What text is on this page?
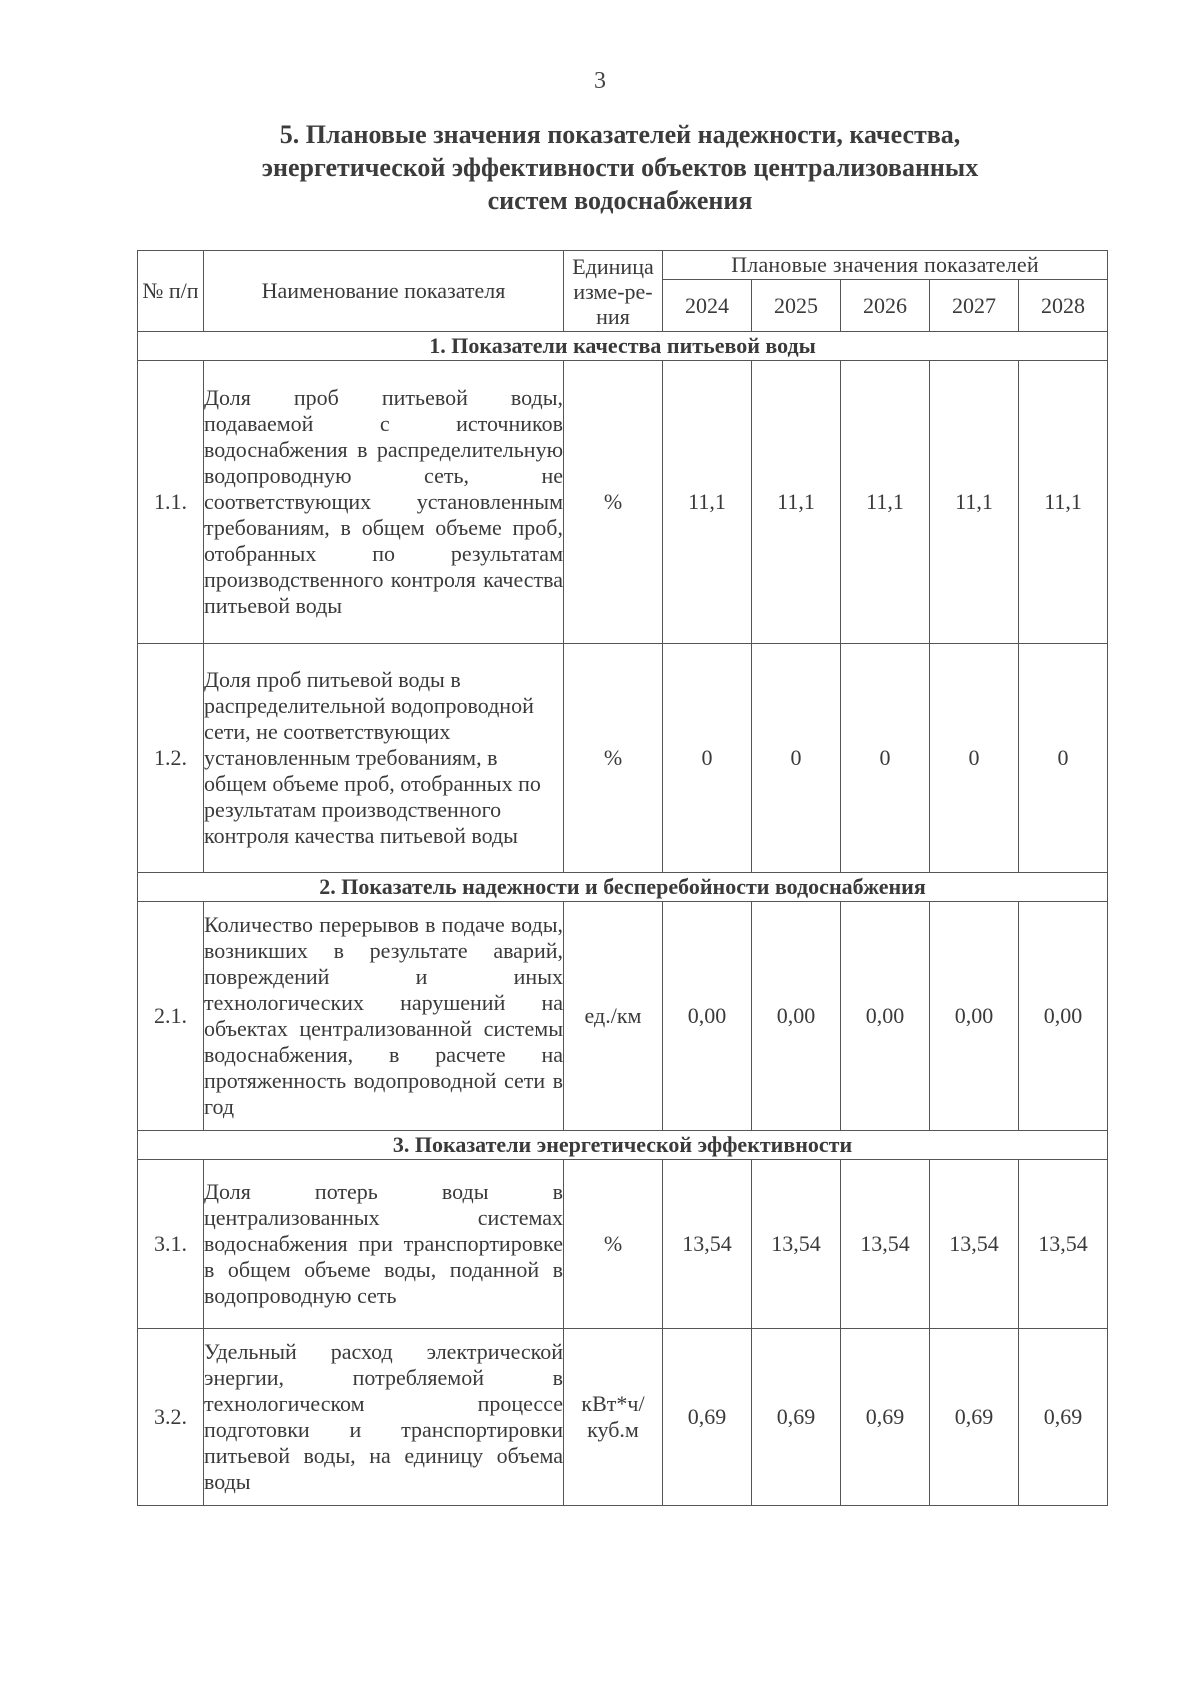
3
5. Плановые значения показателей надежности, качества,
энергетической эффективности объектов централизованных
систем водоснабжения
№ п/п	Наименование показателя	Единица изме-ре-ния	Плановые значения показателей				
			2024	2025	2026	2027	2028
1. Показатели качества питьевой воды							
1.1.	Доля проб питьевой воды, подаваемой с источников водоснабжения в распределительную водопроводную сеть, не соответствующих установленным требованиям, в общем объеме проб, отобранных по результатам производственного контроля качества питьевой воды	%	11,1	11,1	11,1	11,1	11,1
1.2.	Доля проб питьевой воды в распределительной водопроводной сети, не соответствующих установленным требованиям, в общем объеме проб, отобранных по результатам производственного контроля качества питьевой воды	%	0	0	0	0	0
2. Показатель надежности и бесперебойности водоснабжения							
2.1.	Количество перерывов в подаче воды, возникших в результате аварий, повреждений и иных технологических нарушений на объектах централизованной системы водоснабжения, в расчете на протяженность водопроводной сети в год	ед./км	0,00	0,00	0,00	0,00	0,00
3. Показатели энергетической эффективности							
3.1.	Доля потерь воды в централизованных системах водоснабжения при транспортировке в общем объеме воды, поданной в водопроводную сеть	%	13,54	13,54	13,54	13,54	13,54
3.2.	Удельный расход электрической энергии, потребляемой в технологическом процессе подготовки и транспортировки питьевой воды, на единицу объема воды	кВт*ч/ куб.м	0,69	0,69	0,69	0,69	0,69
